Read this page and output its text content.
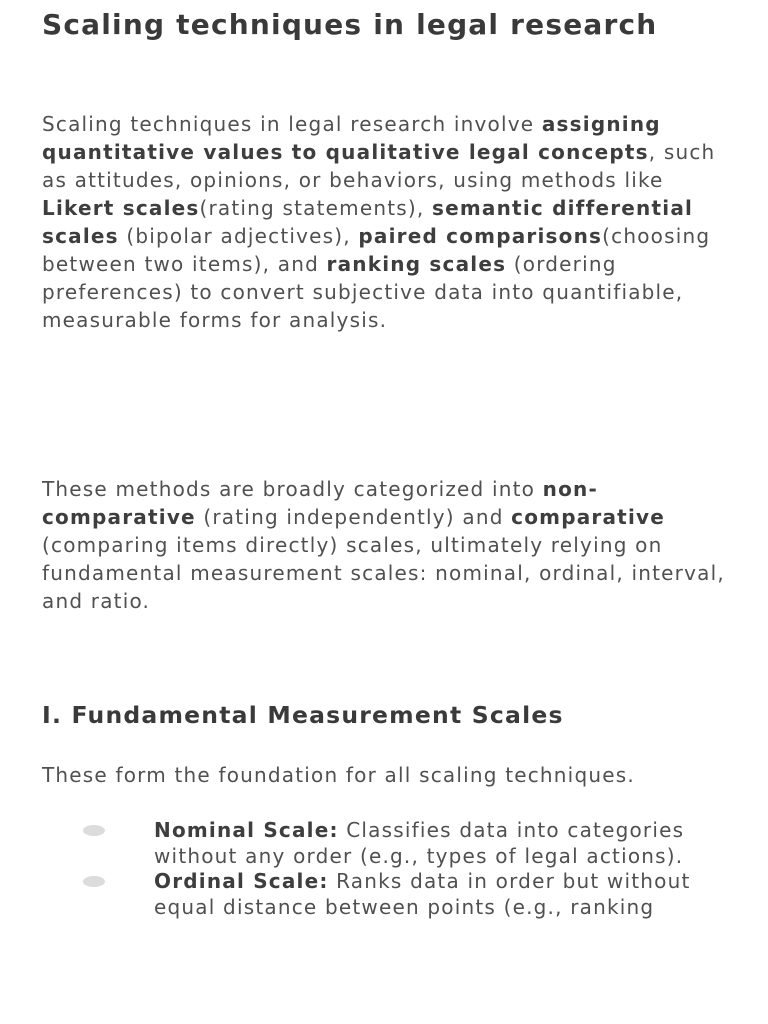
Scaling techniques in legal research

Scaling techniques in legal research involve assigning quantitative values to qualitative legal concepts, such as attitudes, opinions, or behaviors, using methods like Likert scales(rating statements), semantic differential scales (bipolar adjectives), paired comparisons(choosing between two items), and ranking scales (ordering preferences) to convert subjective data into quantifiable, measurable forms for analysis.

These methods are broadly categorized into non-comparative (rating independently) and comparative (comparing items directly) scales, ultimately relying on fundamental measurement scales: nominal, ordinal, interval, and ratio.

I. Fundamental Measurement Scales

These form the foundation for all scaling techniques.

Nominal Scale: Classifies data into categories without any order (e.g., types of legal actions).
Ordinal Scale: Ranks data in order but without equal distance between points (e.g., ranking
